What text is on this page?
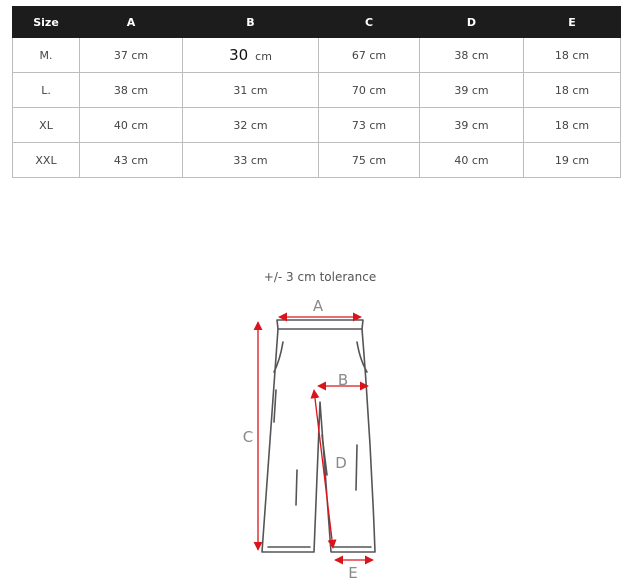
Size	A	B	C	D	E
M.	37 cm	30 cm	67 cm	38 cm	18 cm
L.	38 cm	31 cm	70 cm	39 cm	18 cm
XL	40 cm	32 cm	73 cm	39 cm	18 cm
XXL	43 cm	33 cm	75 cm	40 cm	19 cm
+/- 3 cm tolerance
A
B
C
D
E
